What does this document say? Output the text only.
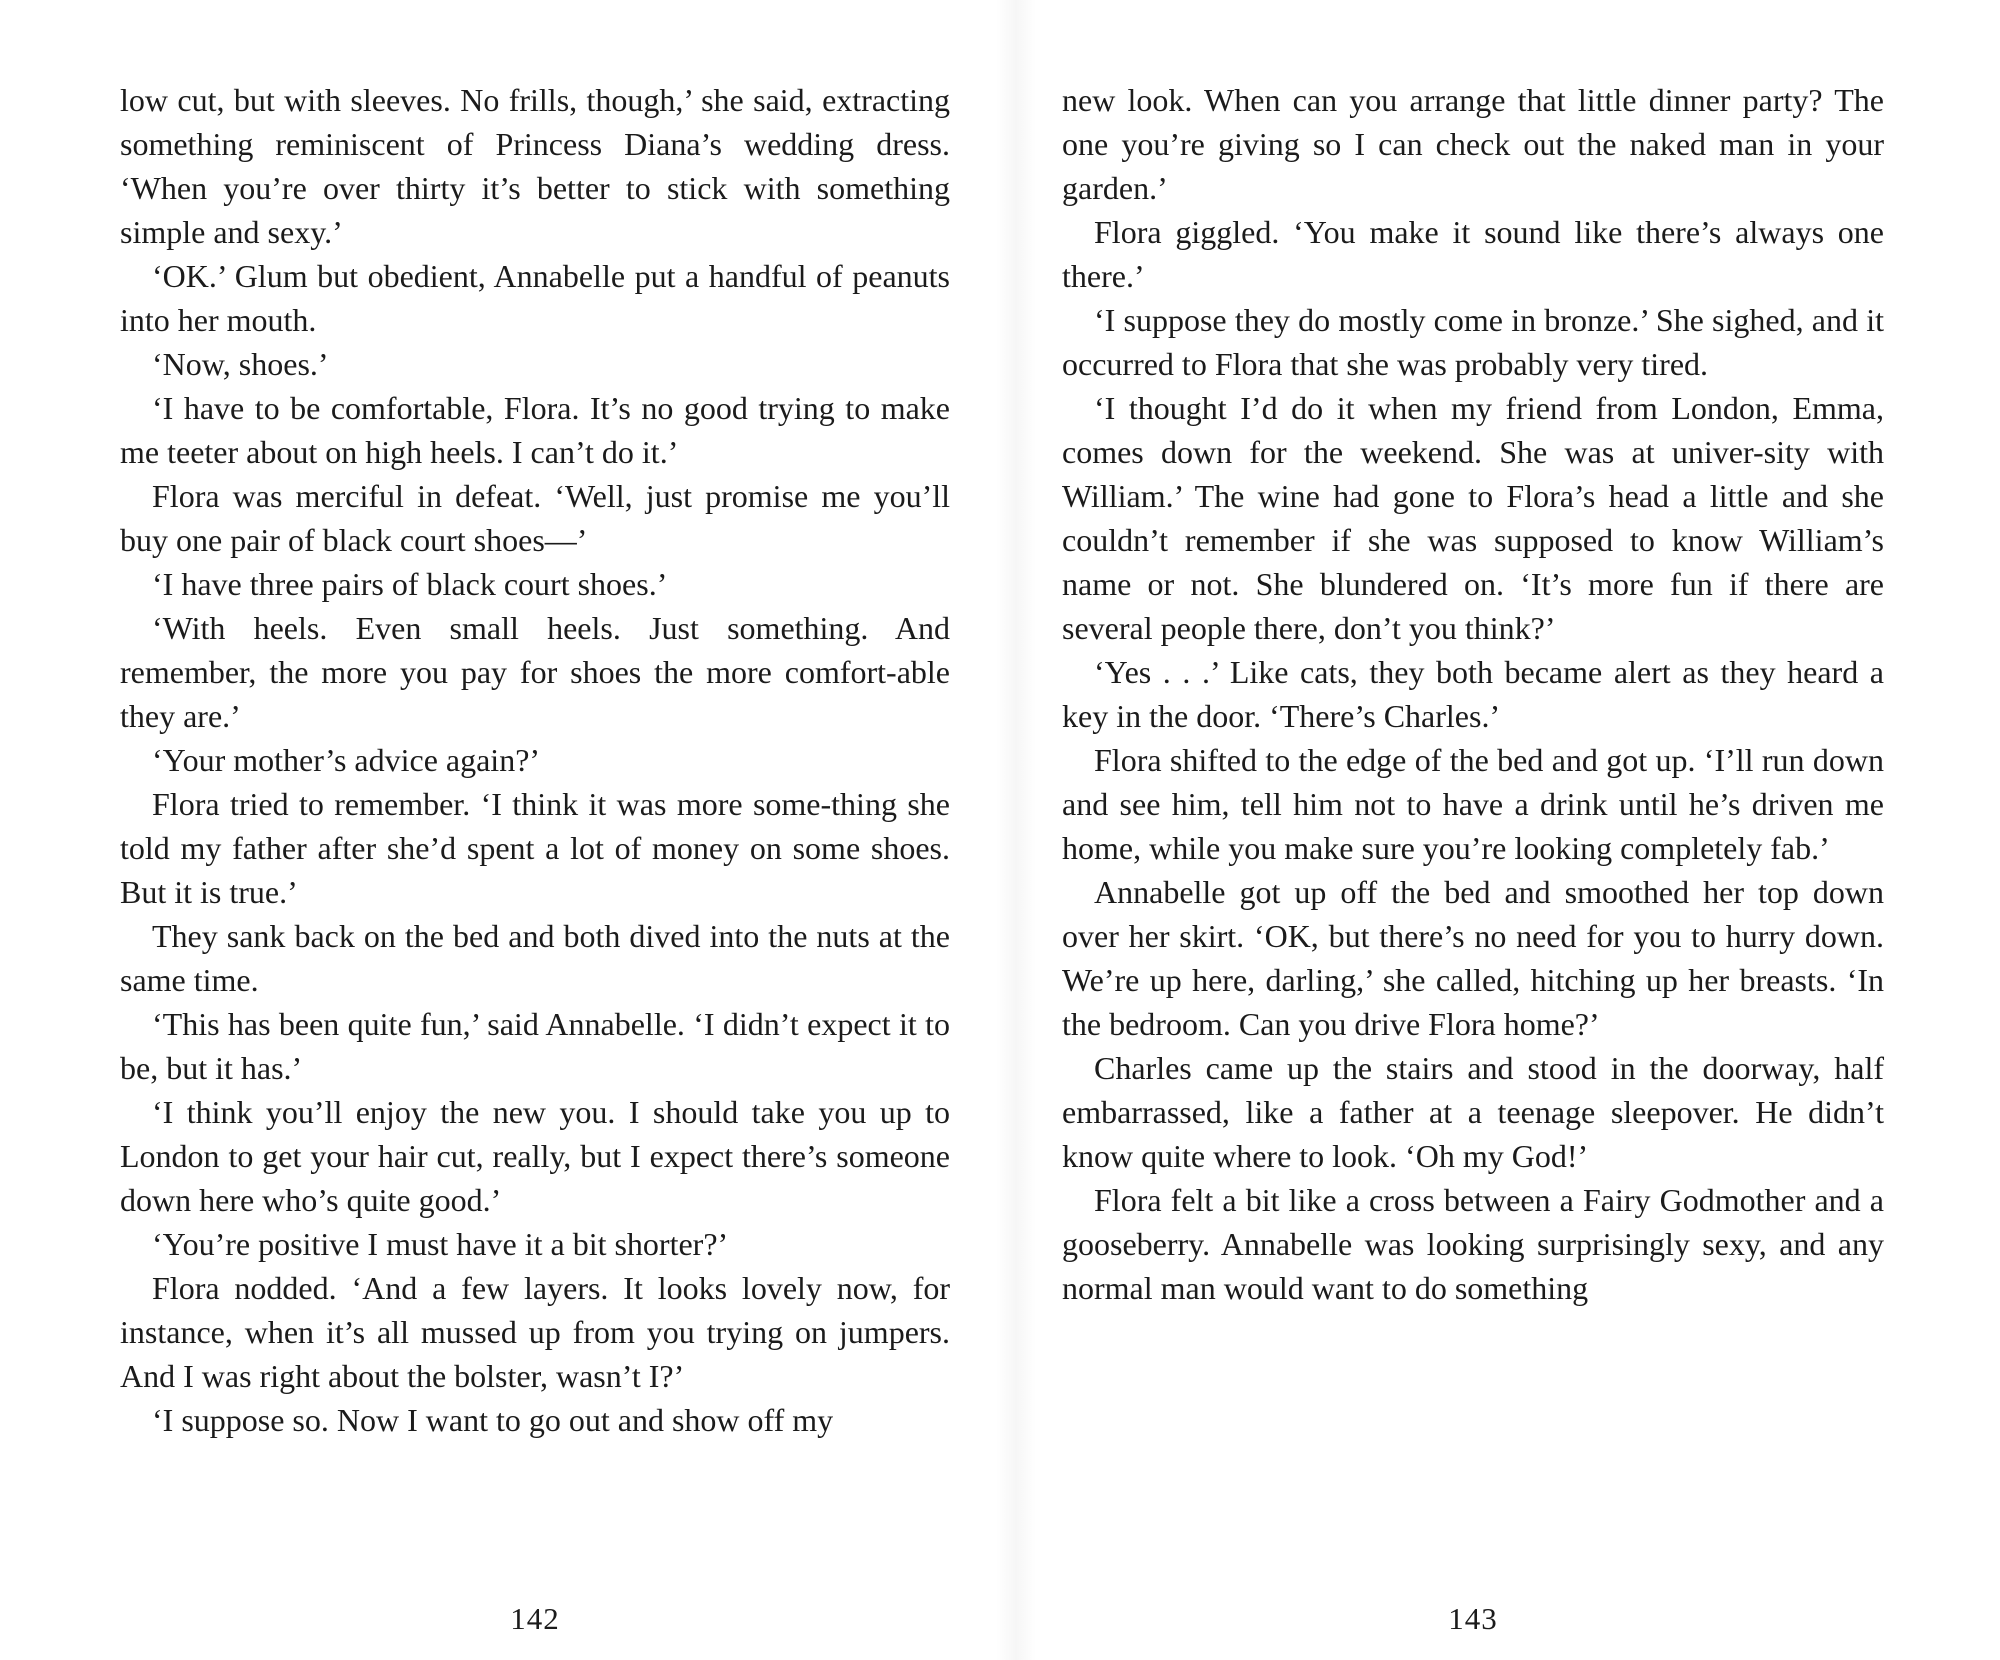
low cut, but with sleeves. No frills, though,’ she said, extracting something reminiscent of Princess Diana’s wedding dress. ‘When you’re over thirty it’s better to stick with something simple and sexy.’

‘OK.’ Glum but obedient, Annabelle put a handful of peanuts into her mouth.

‘Now, shoes.’

‘I have to be comfortable, Flora. It’s no good trying to make me teeter about on high heels. I can’t do it.’

Flora was merciful in defeat. ‘Well, just promise me you’ll buy one pair of black court shoes—’

‘I have three pairs of black court shoes.’

‘With heels. Even small heels. Just something. And remember, the more you pay for shoes the more comfort-able they are.’

‘Your mother’s advice again?’

Flora tried to remember. ‘I think it was more some-thing she told my father after she’d spent a lot of money on some shoes. But it is true.’

They sank back on the bed and both dived into the nuts at the same time.

‘This has been quite fun,’ said Annabelle. ‘I didn’t expect it to be, but it has.’

‘I think you’ll enjoy the new you. I should take you up to London to get your hair cut, really, but I expect there’s someone down here who’s quite good.’

‘You’re positive I must have it a bit shorter?’

Flora nodded. ‘And a few layers. It looks lovely now, for instance, when it’s all mussed up from you trying on jumpers. And I was right about the bolster, wasn’t I?’

‘I suppose so. Now I want to go out and show off my

142

new look. When can you arrange that little dinner party? The one you’re giving so I can check out the naked man in your garden.’

Flora giggled. ‘You make it sound like there’s always one there.’

‘I suppose they do mostly come in bronze.’ She sighed, and it occurred to Flora that she was probably very tired.

‘I thought I’d do it when my friend from London, Emma, comes down for the weekend. She was at univer-sity with William.’ The wine had gone to Flora’s head a little and she couldn’t remember if she was supposed to know William’s name or not. She blundered on. ‘It’s more fun if there are several people there, don’t you think?’

‘Yes . . .’ Like cats, they both became alert as they heard a key in the door. ‘There’s Charles.’

Flora shifted to the edge of the bed and got up. ‘I’ll run down and see him, tell him not to have a drink until he’s driven me home, while you make sure you’re looking completely fab.’

Annabelle got up off the bed and smoothed her top down over her skirt. ‘OK, but there’s no need for you to hurry down. We’re up here, darling,’ she called, hitching up her breasts. ‘In the bedroom. Can you drive Flora home?’

Charles came up the stairs and stood in the doorway, half embarrassed, like a father at a teenage sleepover. He didn’t know quite where to look. ‘Oh my God!’

Flora felt a bit like a cross between a Fairy Godmother and a gooseberry. Annabelle was looking surprisingly sexy, and any normal man would want to do something

143
